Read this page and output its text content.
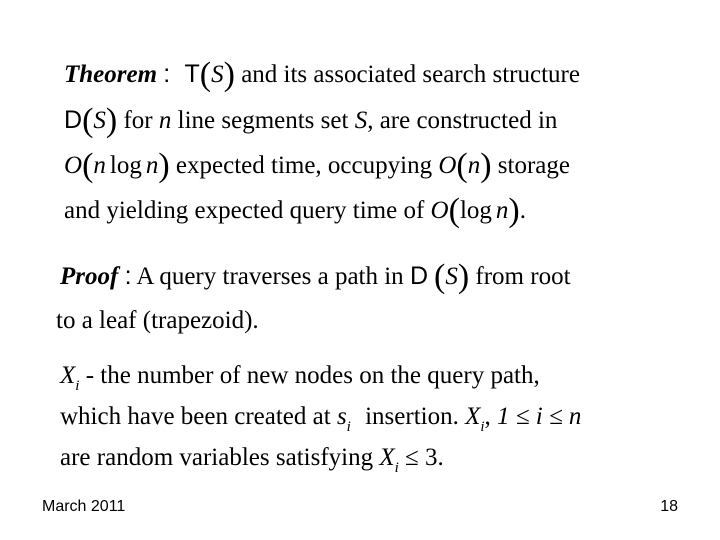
Theorem : T(S) and its associated search structure
D(S) for n line segments set S, are constructed in
O(n log n) expected time, occupying O(n) storage
and yielding expected query time of O(log n).
Proof : A query traverses a path in D (S) from root
to a leaf (trapezoid).
$X_i$ - the number of new nodes on the query path,
which have been created at $s_i$ insertion. $X_i$, 1 ≤ i ≤ n
are random variables satisfying $X_i \le 3$.
March 2011	18
